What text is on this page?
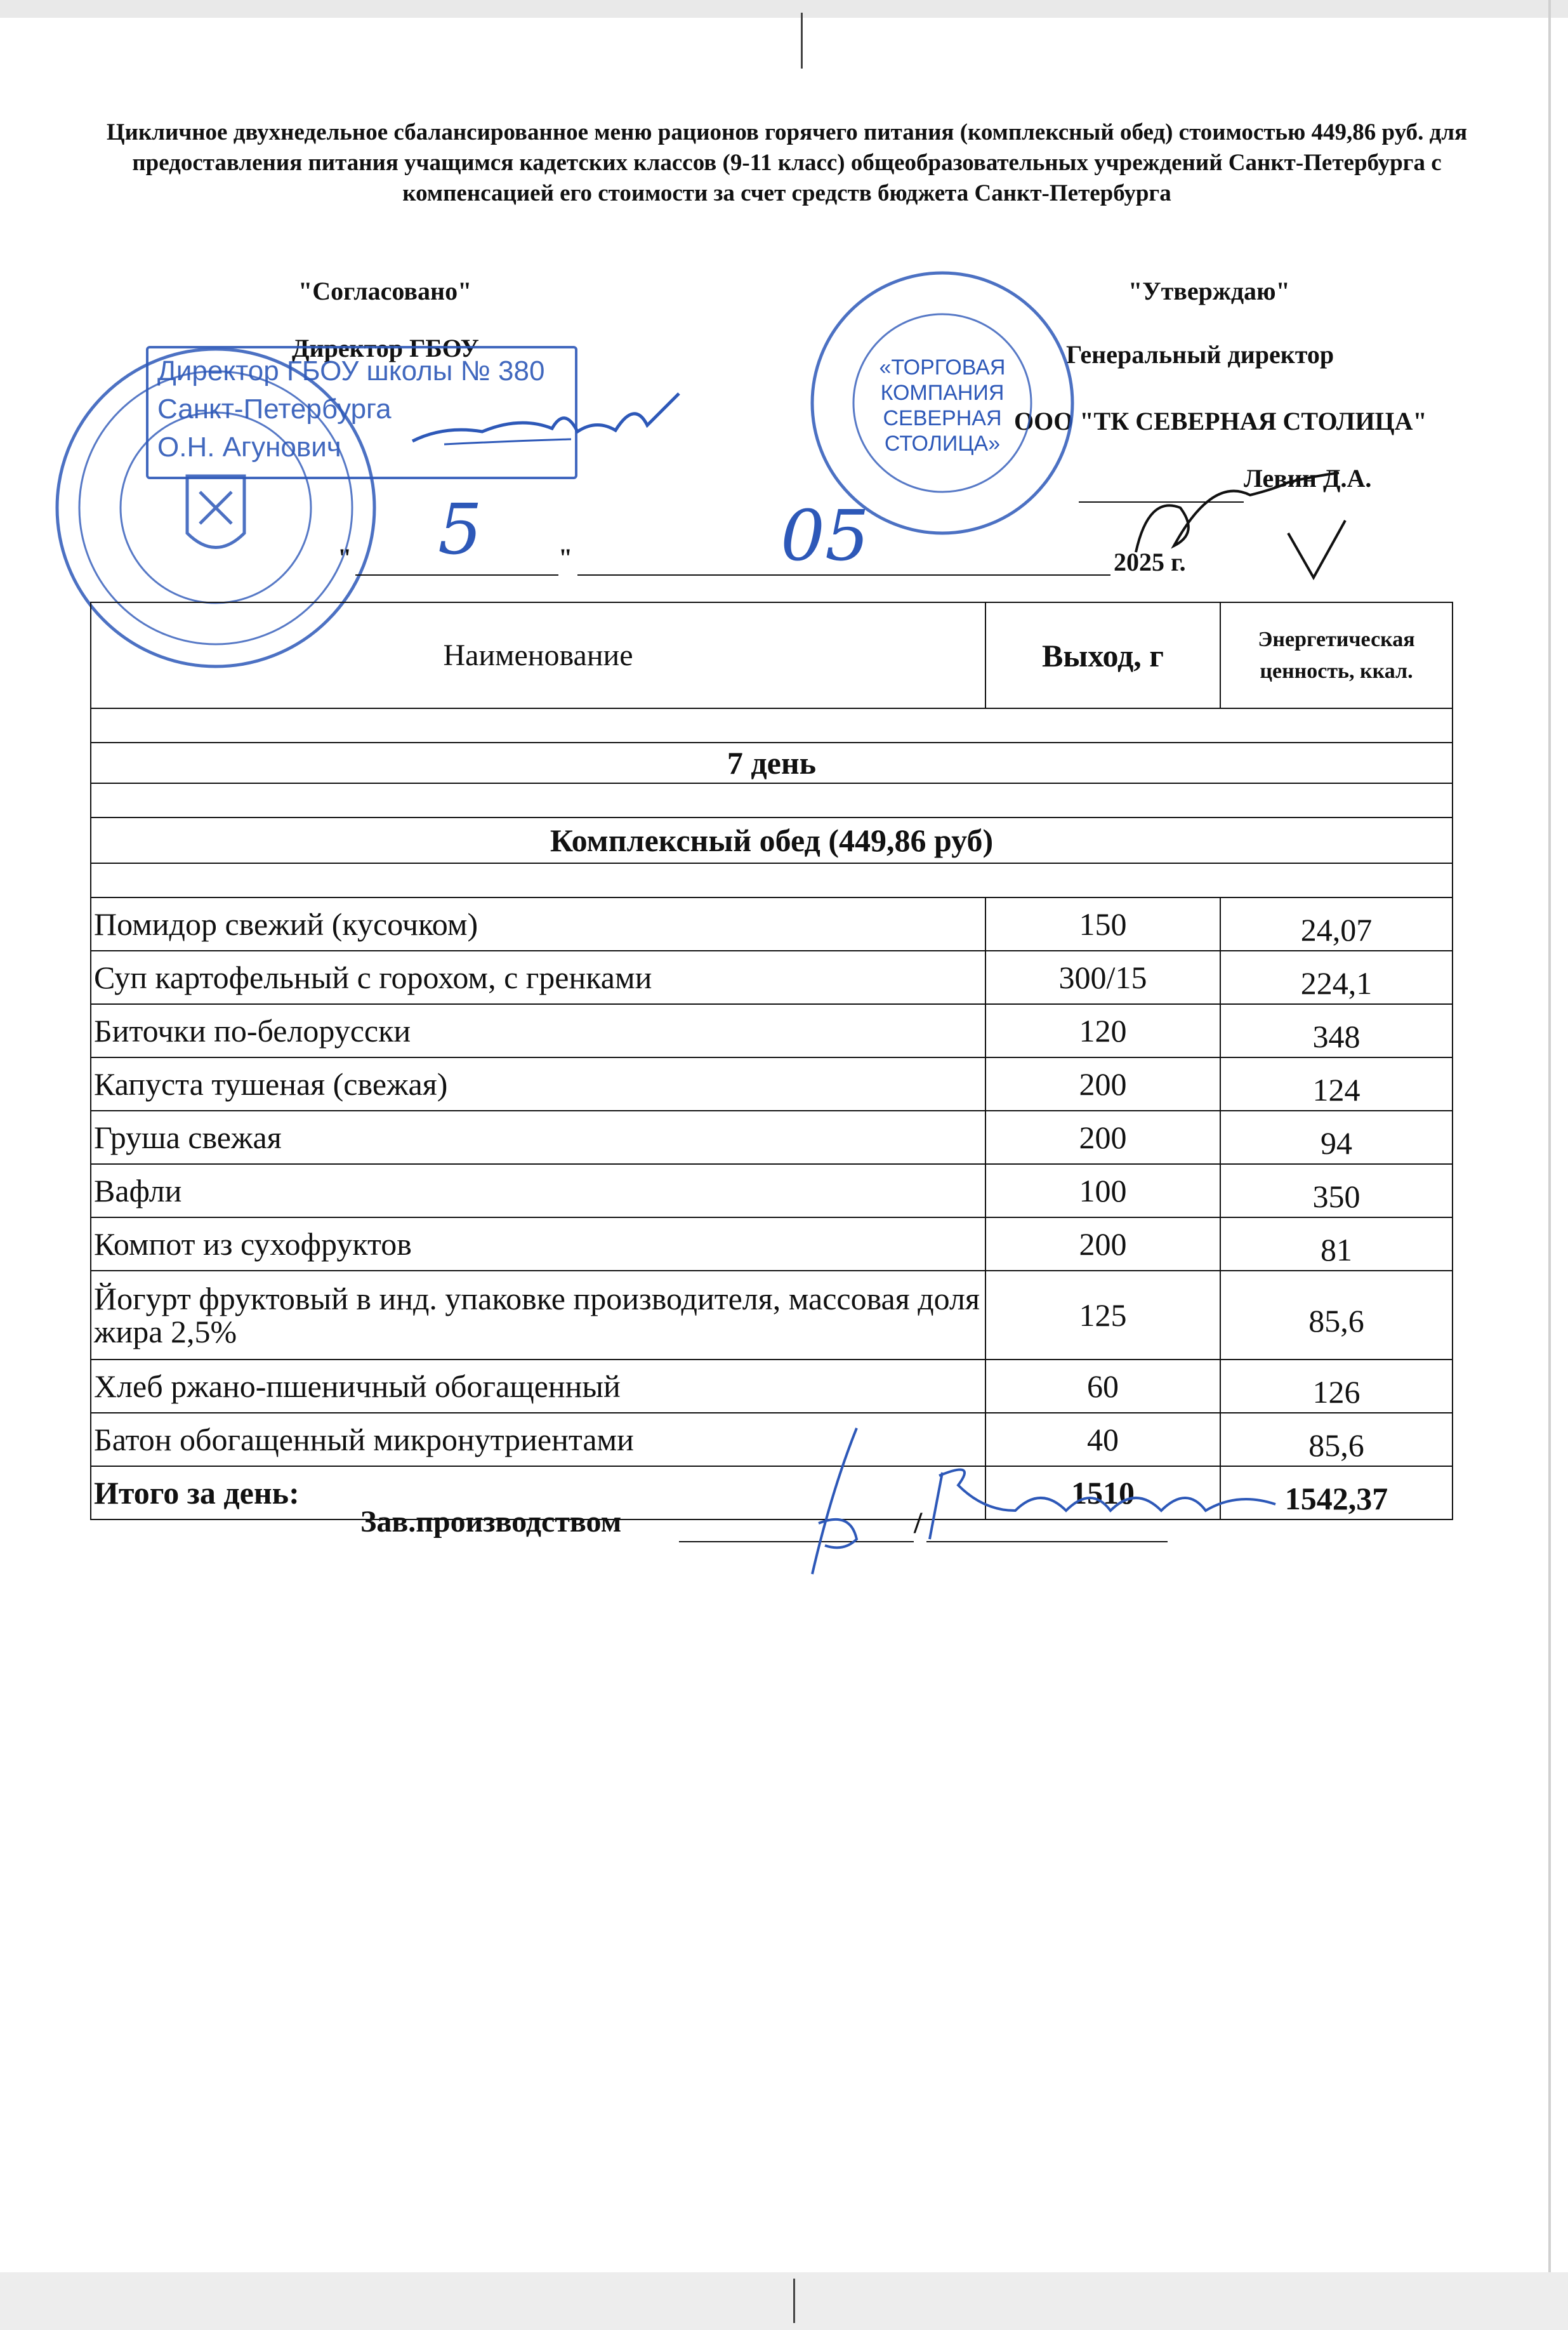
Цикличное двухнедельное сбалансированное меню рационов горячего питания (комплексный обед) стоимостью 449,86 руб. для предоставления питания учащимся кадетских классов (9-11 класс) общеобразовательных учреждений Санкт-Петербурга с компенсацией его стоимости за счет средств бюджета Санкт-Петербурга
"Согласовано"
Директор ГБОУ
Директор ГБОУ школы № 380
Санкт-Петербурга
О.Н. Агунович
"Утверждаю"
Генеральный директор
ООО "ТК СЕВЕРНАЯ СТОЛИЦА"
Левин Д.А.
«ТОРГОВАЯ
КОМПАНИЯ
СЕВЕРНАЯ
СТОЛИЦА»
" 5	"	05	2025 г.
Наименование	Выход, г	Энергетическая ценность, ккал.

7 день		

Комплексный обед (449,86 руб)		

Помидор свежий (кусочком)	150	24,07
Суп картофельный с горохом, с гренками	300/15	224,1
Биточки по-белорусски	120	348
Капуста тушеная (свежая)	200	124
Груша свежая	200	94
Вафли	100	350
Компот из сухофруктов	200	81
Йогурт фруктовый в инд. упаковке производителя, массовая доля жира 2,5%	125	85,6
Хлеб ржано-пшеничный обогащенный	60	126
Батон обогащенный микронутриентами	40	85,6
Итого за день:	1510	1542,37
Зав.производством	/
